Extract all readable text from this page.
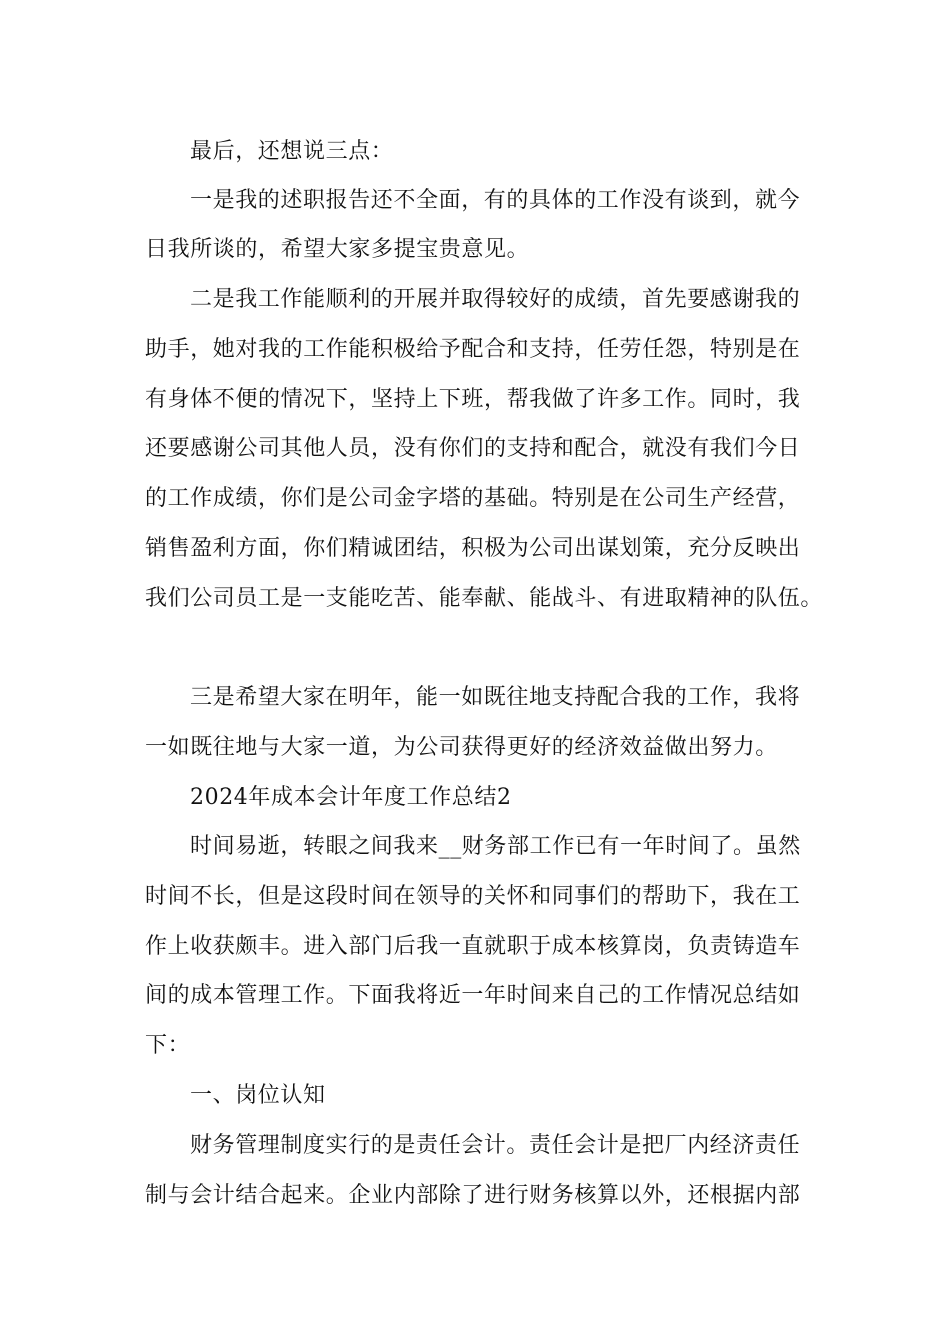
最后，还想说三点：
一是我的述职报告还不全面，有的具体的工作没有谈到，就今
日我所谈的，希望大家多提宝贵意见。
二是我工作能顺利的开展并取得较好的成绩，首先要感谢我的
助手，她对我的工作能积极给予配合和支持，任劳任怨，特别是在
有身体不便的情况下，坚持上下班，帮我做了许多工作。同时，我
还要感谢公司其他人员，没有你们的支持和配合，就没有我们今日
的工作成绩，你们是公司金字塔的基础。特别是在公司生产经营，
销售盈利方面，你们精诚团结，积极为公司出谋划策，充分反映出
我们公司员工是一支能吃苦、能奉献、能战斗、有进取精神的队伍。
三是希望大家在明年，能一如既往地支持配合我的工作，我将
一如既往地与大家一道，为公司获得更好的经济效益做出努力。
2024年成本会计年度工作总结2
时间易逝，转眼之间我来__财务部工作已有一年时间了。虽然
时间不长，但是这段时间在领导的关怀和同事们的帮助下，我在工
作上收获颇丰。进入部门后我一直就职于成本核算岗，负责铸造车
间的成本管理工作。下面我将近一年时间来自己的工作情况总结如
下：
一、岗位认知
财务管理制度实行的是责任会计。责任会计是把厂内经济责任
制与会计结合起来。企业内部除了进行财务核算以外，还根据内部
